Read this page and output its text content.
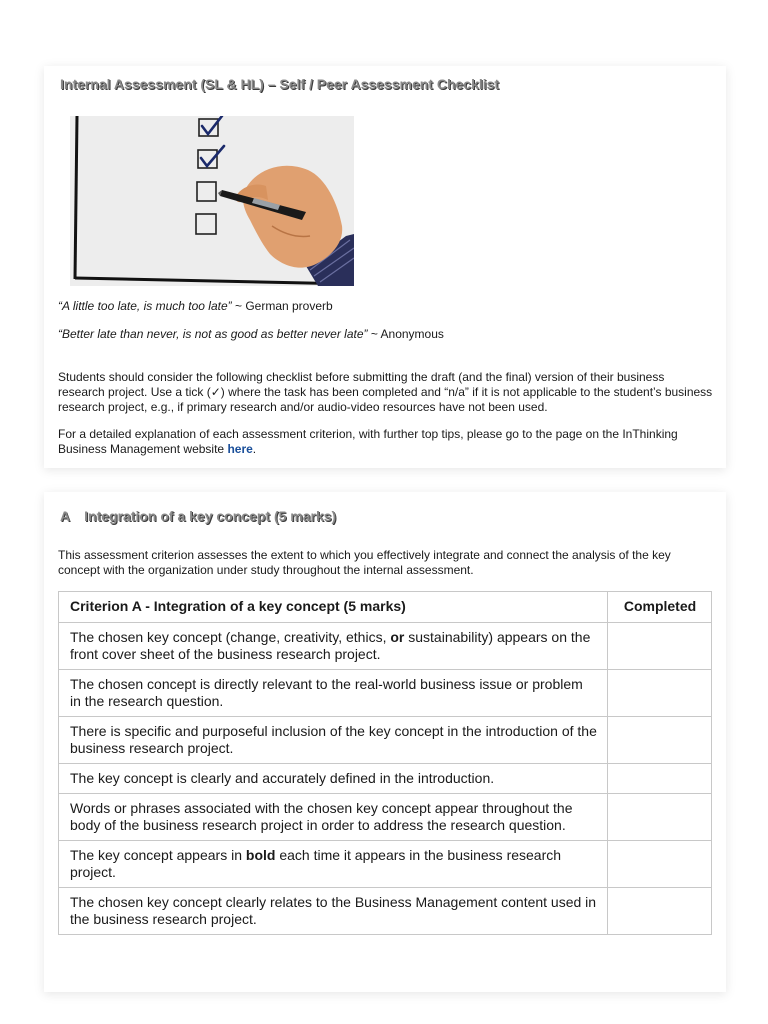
Internal Assessment (SL & HL) – Self / Peer Assessment Checklist

“A little too late, is much too late” ~ German proverb

“Better late than never, is not as good as better never late” ~ Anonymous

Students should consider the following checklist before submitting the draft (and the final) version of their business research project. Use a tick (✓) where the task has been completed and “n/a” if it is not applicable to the student’s business research project, e.g., if primary research and/or audio-video resources have not been used.

For a detailed explanation of each assessment criterion, with further top tips, please go to the page on the InThinking Business Management website here.

A Integration of a key concept (5 marks)

This assessment criterion assesses the extent to which you effectively integrate and connect the analysis of the key concept with the organization under study throughout the internal assessment.

Criterion A - Integration of a key concept (5 marks)	Completed
The chosen key concept (change, creativity, ethics, or sustainability) appears on the front cover sheet of the business research project.	
The chosen concept is directly relevant to the real-world business issue or problem in the research question.	
There is specific and purposeful inclusion of the key concept in the introduction of the business research project.	
The key concept is clearly and accurately defined in the introduction.	
Words or phrases associated with the chosen key concept appear throughout the body of the business research project in order to address the research question.	
The key concept appears in bold each time it appears in the business research project.	
The chosen key concept clearly relates to the Business Management content used in the business research project.	
